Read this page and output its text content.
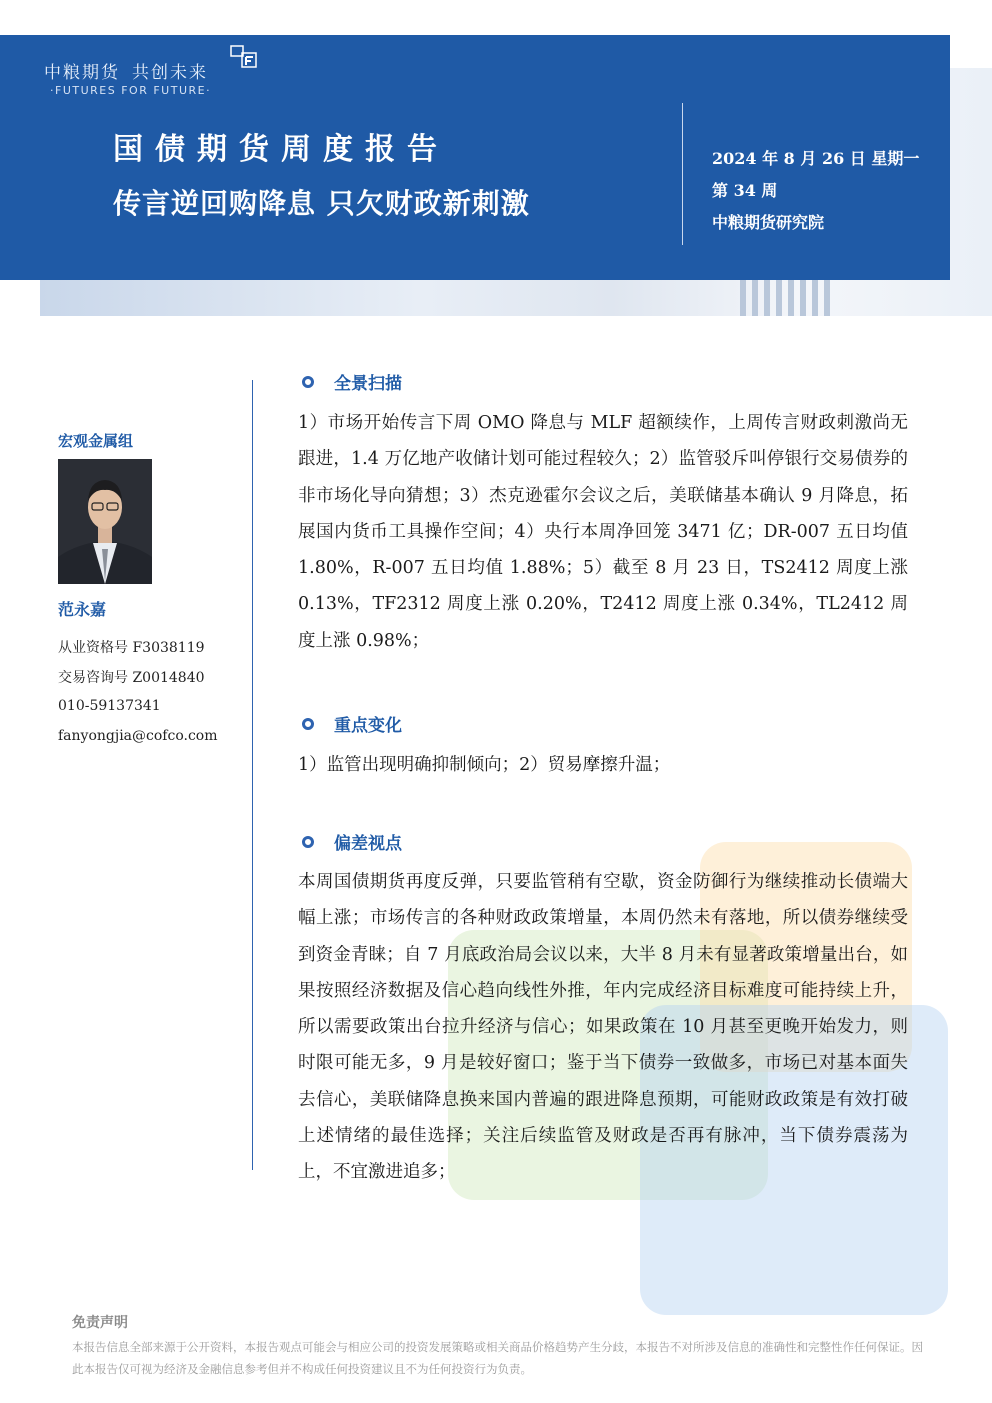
中粮期货 共创未来
·FUTURES FOR FUTURE·
国债期货周度报告
传言逆回购降息 只欠财政新刺激
2024 年 8 月 26 日 星期一
第 34 周
中粮期货研究院
宏观金属组
范永嘉
从业资格号 F3038119
交易咨询号 Z0014840
010-59137341
fanyongjia@cofco.com
全景扫描
1）市场开始传言下周 OMO 降息与 MLF 超额续作，上周传言财政刺激尚无跟进，1.4 万亿地产收储计划可能过程较久；2）监管驳斥叫停银行交易债券的非市场化导向猜想；3）杰克逊霍尔会议之后，美联储基本确认 9 月降息，拓展国内货币工具操作空间；4）央行本周净回笼 3471 亿；DR-007 五日均值 1.80%，R-007 五日均值 1.88%；5）截至 8 月 23 日，TS2412 周度上涨 0.13%，TF2312 周度上涨 0.20%，T2412 周度上涨 0.34%，TL2412 周度上涨 0.98%；
重点变化
1）监管出现明确抑制倾向；2）贸易摩擦升温；
偏差视点
本周国债期货再度反弹，只要监管稍有空歇，资金防御行为继续推动长债端大幅上涨；市场传言的各种财政政策增量，本周仍然未有落地，所以债券继续受到资金青睐；自 7 月底政治局会议以来，大半 8 月未有显著政策增量出台，如果按照经济数据及信心趋向线性外推，年内完成经济目标难度可能持续上升，所以需要政策出台拉升经济与信心；如果政策在 10 月甚至更晚开始发力，则时限可能无多，9 月是较好窗口；鉴于当下债券一致做多，市场已对基本面失去信心，美联储降息换来国内普遍的跟进降息预期，可能财政政策是有效打破上述情绪的最佳选择；关注后续监管及财政是否再有脉冲，当下债券震荡为上，不宜激进追多；
免责声明
本报告信息全部来源于公开资料，本报告观点可能会与相应公司的投资发展策略或相关商品价格趋势产生分歧，本报告不对所涉及信息的准确性和完整性作任何保证。因此本报告仅可视为经济及金融信息参考但并不构成任何投资建议且不为任何投资行为负责。
